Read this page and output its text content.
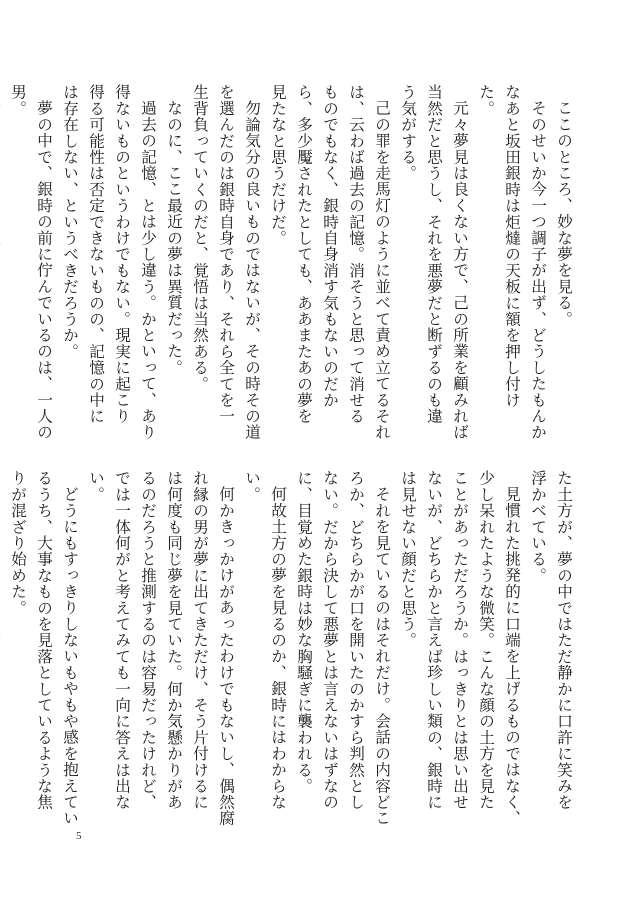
ここのところ、妙な夢を見る。

そのせいか今一つ調子が出ず、どうしたもんかなあと坂田銀時は炬燵の天板に額を押し付けた。

元々夢見は良くない方で、己の所業を顧みれば当然だと思うし、それを悪夢だと断ずるのも違う気がする。

己の罪を走馬灯のように並べて責め立てるそれは、云わば過去の記憶。消そうと思って消せるものでもなく、銀時自身消す気もないのだから、多少魘されたとしても、ああまたあの夢を見たなと思うだけだ。

勿論気分の良いものではないが、その時その道を選んだのは銀時自身であり、それら全てを一生背負っていくのだと、覚悟は当然ある。

なのに、ここ最近の夢は異質だった。

過去の記憶、とは少し違う。かといって、あり得ないものというわけでもない。現実に起こり得る可能性は否定できないものの、記憶の中には存在しない、というべきだろうか。

夢の中で、銀時の前に佇んでいるのは、一人の男。

た土方が、夢の中ではただ静かに口許に笑みを浮かべている。

見慣れた挑発的に口端を上げるものではなく、少し呆れたような微笑。こんな顔の土方を見たことがあっただろうか。はっきりとは思い出せないが、どちらかと言えば珍しい類の、銀時には見せない顔だと思う。

それを見ているのはそれだけ。会話の内容どころか、どちらかが口を開いたのかすら判然としない。だから決して悪夢とは言えないはずなのに、目覚めた銀時は妙な胸騒ぎに襲われる。

何故土方の夢を見るのか、銀時にはわからない。

何かきっかけがあったわけでもないし、偶然腐れ縁の男が夢に出てきただけ、そう片付けるには何度も同じ夢を見ていた。何か気懸かりがあるのだろうと推測するのは容易だったけれど、では一体何がと考えてみても一向に答えは出ない。

どうにもすっきりしないもやもや感を抱えているうち、大事なものを見落としているような焦りが混ざり始めた。

5
